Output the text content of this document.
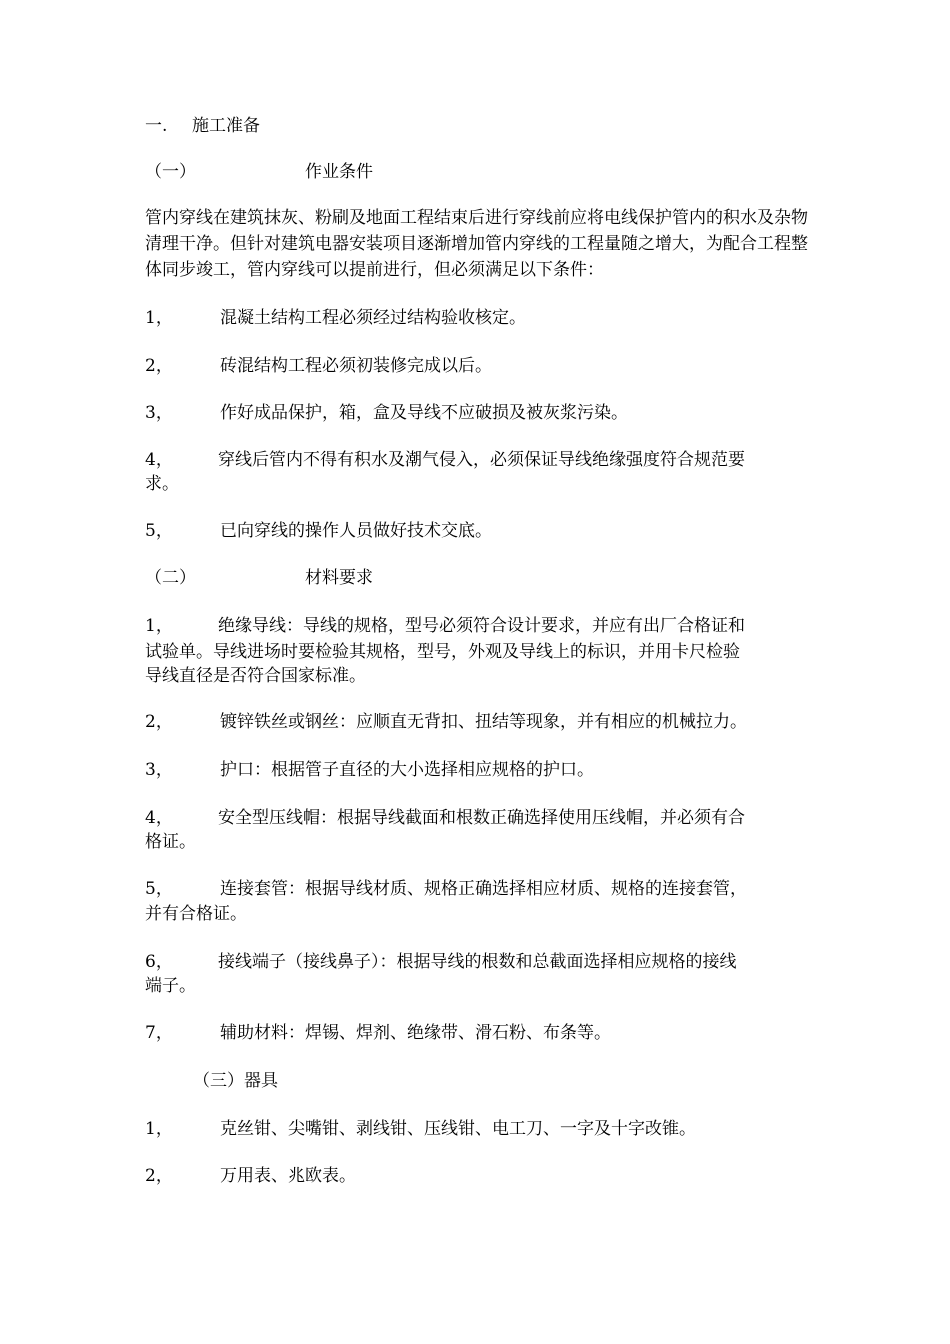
一. 施工准备
（一）	作业条件
管内穿线在建筑抹灰、粉刷及地面工程结束后进行穿线前应将电线保护管内的积水及杂物清理干净。但针对建筑电器安装项目逐渐增加管内穿线的工程量随之增大，为配合工程整体同步竣工，管内穿线可以提前进行，但必须满足以下条件：
1，	混凝土结构工程必须经过结构验收核定。
2，	砖混结构工程必须初装修完成以后。
3，	作好成品保护，箱，盒及导线不应破损及被灰浆污染。
4，	穿线后管内不得有积水及潮气侵入，必须保证导线绝缘强度符合规范要
求。
5，	已向穿线的操作人员做好技术交底。
（二）	材料要求
1，	绝缘导线：导线的规格，型号必须符合设计要求，并应有出厂合格证和
试验单。导线进场时要检验其规格，型号，外观及导线上的标识，并用卡尺检验
导线直径是否符合国家标准。
2，	镀锌铁丝或钢丝：应顺直无背扣、扭结等现象，并有相应的机械拉力。
3，	护口：根据管子直径的大小选择相应规格的护口。
4，	安全型压线帽：根据导线截面和根数正确选择使用压线帽，并必须有合
格证。
5，	连接套管：根据导线材质、规格正确选择相应材质、规格的连接套管，
并有合格证。
6，	接线端子（接线鼻子）：根据导线的根数和总截面选择相应规格的接线
端子。
7，	辅助材料：焊锡、焊剂、绝缘带、滑石粉、布条等。
（三）器具
1，	克丝钳、尖嘴钳、剥线钳、压线钳、电工刀、一字及十字改锥。
2，	万用表、兆欧表。
